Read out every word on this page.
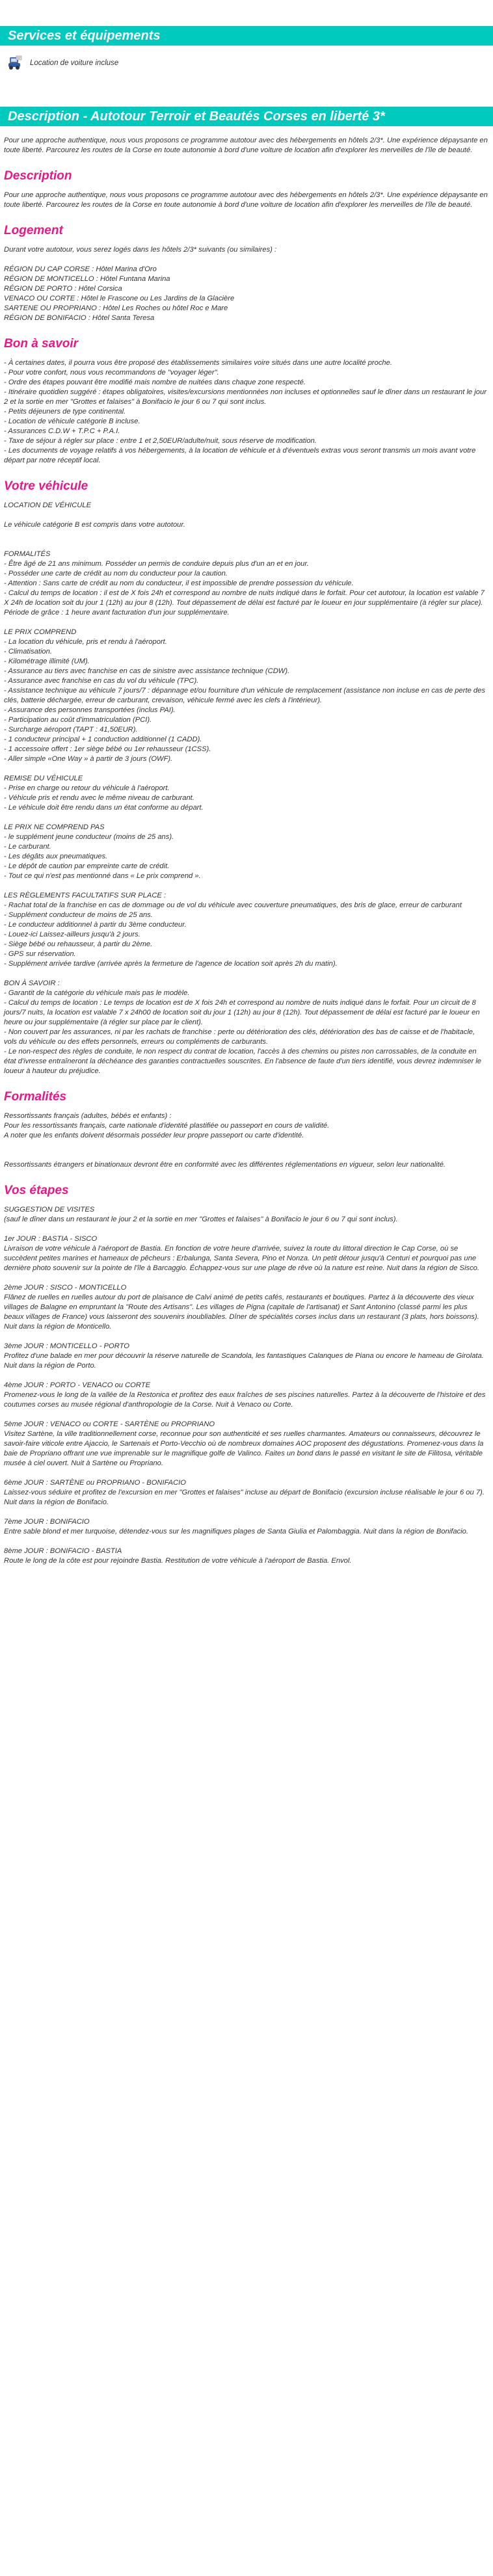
Services et équipements
Location de voiture incluse
Description - Autotour Terroir et Beautés Corses en liberté 3*

Pour une approche authentique, nous vous proposons ce programme autotour avec des hébergements en hôtels 2/3*. Une expérience dépaysante en toute liberté. Parcourez les routes de la Corse en toute autonomie à bord d'une voiture de location afin d'explorer les merveilles de l'île de beauté.

Description

Pour une approche authentique, nous vous proposons ce programme autotour avec des hébergements en hôtels 2/3*. Une expérience dépaysante en toute liberté. Parcourez les routes de la Corse en toute autonomie à bord d'une voiture de location afin d'explorer les merveilles de l'île de beauté.

Logement

Durant votre autotour, vous serez logés dans les hôtels 2/3* suivants (ou similaires) :

RÉGION DU CAP CORSE : Hôtel Marina d'Oro
RÉGION DE MONTICELLO : Hôtel Funtana Marina
RÉGION DE PORTO : Hôtel Corsica
VENACO OU CORTE : Hôtel le Frascone ou Les Jardins de la Glacière
SARTENE OU PROPRIANO : Hôtel Les Roches ou hôtel Roc e Mare
RÉGION DE BONIFACIO : Hôtel Santa Teresa
Bon à savoir
- À certaines dates, il pourra vous être proposé des établissements similaires voire situés dans une autre localité proche.
- Pour votre confort, nous vous recommandons de "voyager léger".
- Ordre des étapes pouvant être modifié mais nombre de nuitées dans chaque zone respecté.
- Itinéraire quotidien suggéré : étapes obligatoires, visites/excursions mentionnées non incluses et optionnelles sauf le dîner dans un restaurant le jour 2 et la sortie en mer "Grottes et falaises" à Bonifacio le jour 6 ou 7 qui sont inclus.
- Petits déjeuners de type continental.
- Location de véhicule catégorie B incluse.
- Assurances C.D.W + T.P.C + P.A.I.
- Taxe de séjour à régler sur place : entre 1 et 2,50EUR/adulte/nuit, sous réserve de modification.
- Les documents de voyage relatifs à vos hébergements, à la location de véhicule et à d'éventuels extras vous seront transmis un mois avant votre départ par notre réceptif local.
Votre véhicule
LOCATION DE VÉHICULE
Le véhicule catégorie B est compris dans votre autotour.
FORMALITÉS
- Être âgé de 21 ans minimum. Posséder un permis de conduire depuis plus d'un an et en jour.
- Posséder une carte de crédit au nom du conducteur pour la caution.
- Attention : Sans carte de crédit au nom du conducteur, il est impossible de prendre possession du véhicule.
- Calcul du temps de location : il est de X fois 24h et correspond au nombre de nuits indiqué dans le forfait. Pour cet autotour, la location est valable 7 X 24h de location soit du jour 1 (12h) au jour 8 (12h). Tout dépassement de délai est facturé par le loueur en jour supplémentaire (à régler sur place). Période de grâce : 1 heure avant facturation d'un jour supplémentaire.
LE PRIX COMPREND
- La location du véhicule, pris et rendu à l'aéroport.
- Climatisation.
- Kilométrage illimité (UM).
- Assurance au tiers avec franchise en cas de sinistre avec assistance technique (CDW).
- Assurance avec franchise en cas du vol du véhicule (TPC).
- Assistance technique au véhicule 7 jours/7 : dépannage et/ou fourniture d'un véhicule de remplacement (assistance non incluse en cas de perte des clés, batterie déchargée, erreur de carburant, crevaison, véhicule fermé avec les clefs à l'intérieur).
- Assurance des personnes transportées (inclus PAI).
- Participation au coût d'immatriculation (PCI).
- Surcharge aéroport (TAPT : 41,50EUR).
- 1 conducteur principal + 1 conduction additionnel (1 CADD).
- 1 accessoire offert : 1er siège bébé ou 1er rehausseur (1CSS).
- Aller simple «One Way » à partir de 3 jours (OWF).
REMISE DU VÉHICULE
- Prise en charge ou retour du véhicule à l'aéroport.
- Véhicule pris et rendu avec le même niveau de carburant.
- Le véhicule doit être rendu dans un état conforme au départ.
LE PRIX NE COMPREND PAS
- le supplément jeune conducteur (moins de 25 ans).
- Le carburant.
- Les dégâts aux pneumatiques.
- Le dépôt de caution par empreinte carte de crédit.
- Tout ce qui n'est pas mentionné dans « Le prix comprend ».
LES RÈGLEMENTS FACULTATIFS SUR PLACE :
- Rachat total de la franchise en cas de dommage ou de vol du véhicule avec couverture pneumatiques, des bris de glace, erreur de carburant
- Supplément conducteur de moins de 25 ans.
- Le conducteur additionnel à partir du 3ème conducteur.
- Louez-ici Laissez-ailleurs jusqu'à 2 jours.
- Siège bébé ou rehausseur, à partir du 2ème.
- GPS sur réservation.
- Supplément arrivée tardive (arrivée après la fermeture de l'agence de location soit après 2h du matin).
BON À SAVOIR :
- Garantit de la catégorie du véhicule mais pas le modèle.
- Calcul du temps de location : Le temps de location est de X fois 24h et correspond au nombre de nuits indiqué dans le forfait. Pour un circuit de 8 jours/7 nuits, la location est valable 7 x 24h00 de location soit du jour 1 (12h) au jour 8 (12h). Tout dépassement de délai est facturé par le loueur en heure ou jour supplémentaire (à régler sur place par le client).
- Non couvert par les assurances, ni par les rachats de franchise : perte ou détérioration des clés, détérioration des bas de caisse et de l'habitacle, vols du véhicule ou des effets personnels, erreurs ou compléments de carburants.
- Le non-respect des règles de conduite, le non respect du contrat de location, l'accès à des chemins ou pistes non carrossables, de la conduite en état d'ivresse entraîneront la déchéance des garanties contractuelles souscrites. En l'absence de faute d'un tiers identifié, vous devrez indemniser le loueur à hauteur du préjudice.
Formalités
Ressortissants français (adultes, bébés et enfants) :
Pour les ressortissants français, carte nationale d'identité plastifiée ou passeport en cours de validité.
A noter que les enfants doivent désormais posséder leur propre passeport ou carte d'identité.
Ressortissants étrangers et binationaux devront être en conformité avec les différentes réglementations en vigueur, selon leur nationalité.
Vos étapes
SUGGESTION DE VISITES
(sauf le dîner dans un restaurant le jour 2 et la sortie en mer "Grottes et falaises" à Bonifacio le jour 6 ou 7 qui sont inclus).
1er JOUR : BASTIA - SISCO
Livraison de votre véhicule à l'aéroport de Bastia. En fonction de votre heure d'arrivée, suivez la route du littoral direction le Cap Corse, où se succèdent petites marines et hameaux de pêcheurs : Erbalunga, Santa Severa, Pino et Nonza. Un petit détour jusqu'à Centuri et pourquoi pas une dernière photo souvenir sur la pointe de l'île à Barcaggio. Échappez-vous sur une plage de rêve où la nature est reine. Nuit dans la région de Sisco.
2ème JOUR : SISCO - MONTICELLO
Flânez de ruelles en ruelles autour du port de plaisance de Calvi animé de petits cafés, restaurants et boutiques. Partez à la découverte des vieux villages de Balagne en empruntant la "Route des Artisans". Les villages de Pigna (capitale de l'artisanat) et Sant Antonino (classé parmi les plus beaux villages de France) vous laisseront des souvenirs inoubliables. Dîner de spécialités corses inclus dans un restaurant (3 plats, hors boissons). Nuit dans la région de Monticello.
3ème JOUR : MONTICELLO - PORTO
Profitez d'une balade en mer pour découvrir la réserve naturelle de Scandola, les fantastiques Calanques de Piana ou encore le hameau de Girolata. Nuit dans la région de Porto.
4ème JOUR : PORTO - VENACO ou CORTE
Promenez-vous le long de la vallée de la Restonica et profitez des eaux fraîches de ses piscines naturelles. Partez à la découverte de l'histoire et des coutumes corses au musée régional d'anthropologie de la Corse. Nuit à Venaco ou Corte.
5ème JOUR : VENACO ou CORTE - SARTÈNE ou PROPRIANO
Visitez Sartène, la ville traditionnellement corse, reconnue pour son authenticité et ses ruelles charmantes. Amateurs ou connaisseurs, découvrez le savoir-faire viticole entre Ajaccio, le Sartenais et Porto-Vecchio où de nombreux domaines AOC proposent des dégustations. Promenez-vous dans la baie de Propriano offrant une vue imprenable sur le magnifique golfe de Valinco. Faites un bond dans le passé en visitant le site de Filitosa, véritable musée à ciel ouvert. Nuit à Sartène ou Propriano.
6ème JOUR : SARTÈNE ou PROPRIANO - BONIFACIO
Laissez-vous séduire et profitez de l'excursion en mer "Grottes et falaises" incluse au départ de Bonifacio (excursion incluse réalisable le jour 6 ou 7). Nuit dans la région de Bonifacio.
7ème JOUR : BONIFACIO
Entre sable blond et mer turquoise, détendez-vous sur les magnifiques plages de Santa Giulia et Palombaggia. Nuit dans la région de Bonifacio.
8ème JOUR : BONIFACIO - BASTIA
Route le long de la côte est pour rejoindre Bastia. Restitution de votre véhicule à l'aéroport de Bastia. Envol.
